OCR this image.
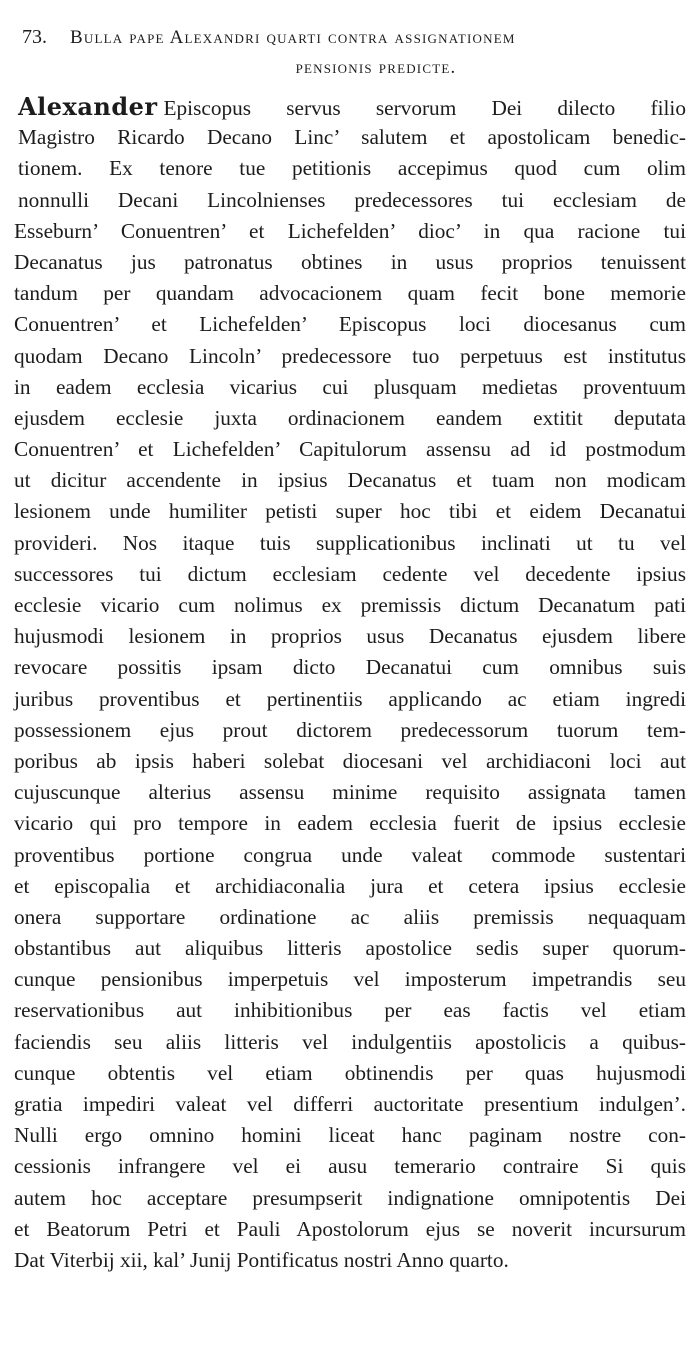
73. Bulla pape Alexandri quarti contra assignationem
pensionis predicte.
Alexander Episcopus servus servorum Dei dilecto filio
Magistro Ricardo Decano Linc’ salutem et apostolicam benedic-
tionem. Ex tenore tue petitionis accepimus quod cum olim
nonnulli Decani Lincolnienses predecessores tui ecclesiam de
Esseburn’ Conuentren’ et Lichefelden’ dioc’ in qua racione tui
Decanatus jus patronatus obtines in usus proprios tenuissent
tandum per quandam advocacionem quam fecit bone memorie
Conuentren’ et Lichefelden’ Episcopus loci diocesanus cum
quodam Decano Lincoln’ predecessore tuo perpetuus est institutus
in eadem ecclesia vicarius cui plusquam medietas proventuum
ejusdem ecclesie juxta ordinacionem eandem extitit deputata
Conuentren’ et Lichefelden’ Capitulorum assensu ad id postmodum
ut dicitur accendente in ipsius Decanatus et tuam non modicam
lesionem unde humiliter petisti super hoc tibi et eidem Decanatui
provideri. Nos itaque tuis supplicationibus inclinati ut tu vel
successores tui dictum ecclesiam cedente vel decedente ipsius
ecclesie vicario cum nolimus ex premissis dictum Decanatum pati
hujusmodi lesionem in proprios usus Decanatus ejusdem libere
revocare possitis ipsam dicto Decanatui cum omnibus suis
juribus proventibus et pertinentiis applicando ac etiam ingredi
possessionem ejus prout dictorem predecessorum tuorum tem-
poribus ab ipsis haberi solebat diocesani vel archidiaconi loci aut
cujuscunque alterius assensu minime requisito assignata tamen
vicario qui pro tempore in eadem ecclesia fuerit de ipsius ecclesie
proventibus portione congrua unde valeat commode sustentari
et episcopalia et archidiaconalia jura et cetera ipsius ecclesie
onera supportare ordinatione ac aliis premissis nequaquam
obstantibus aut aliquibus litteris apostolice sedis super quorum-
cunque pensionibus imperpetuis vel imposterum impetrandis seu
reservationibus aut inhibitionibus per eas factis vel etiam
faciendis seu aliis litteris vel indulgentiis apostolicis a quibus-
cunque obtentis vel etiam obtinendis per quas hujusmodi
gratia impediri valeat vel differri auctoritate presentium indulgen’.
Nulli ergo omnino homini liceat hanc paginam nostre con-
cessionis infrangere vel ei ausu temerario contraire Si quis
autem hoc acceptare presumpserit indignatione omnipotentis Dei
et Beatorum Petri et Pauli Apostolorum ejus se noverit incursurum
Dat Viterbij xii, kal’ Junij Pontificatus nostri Anno quarto.
